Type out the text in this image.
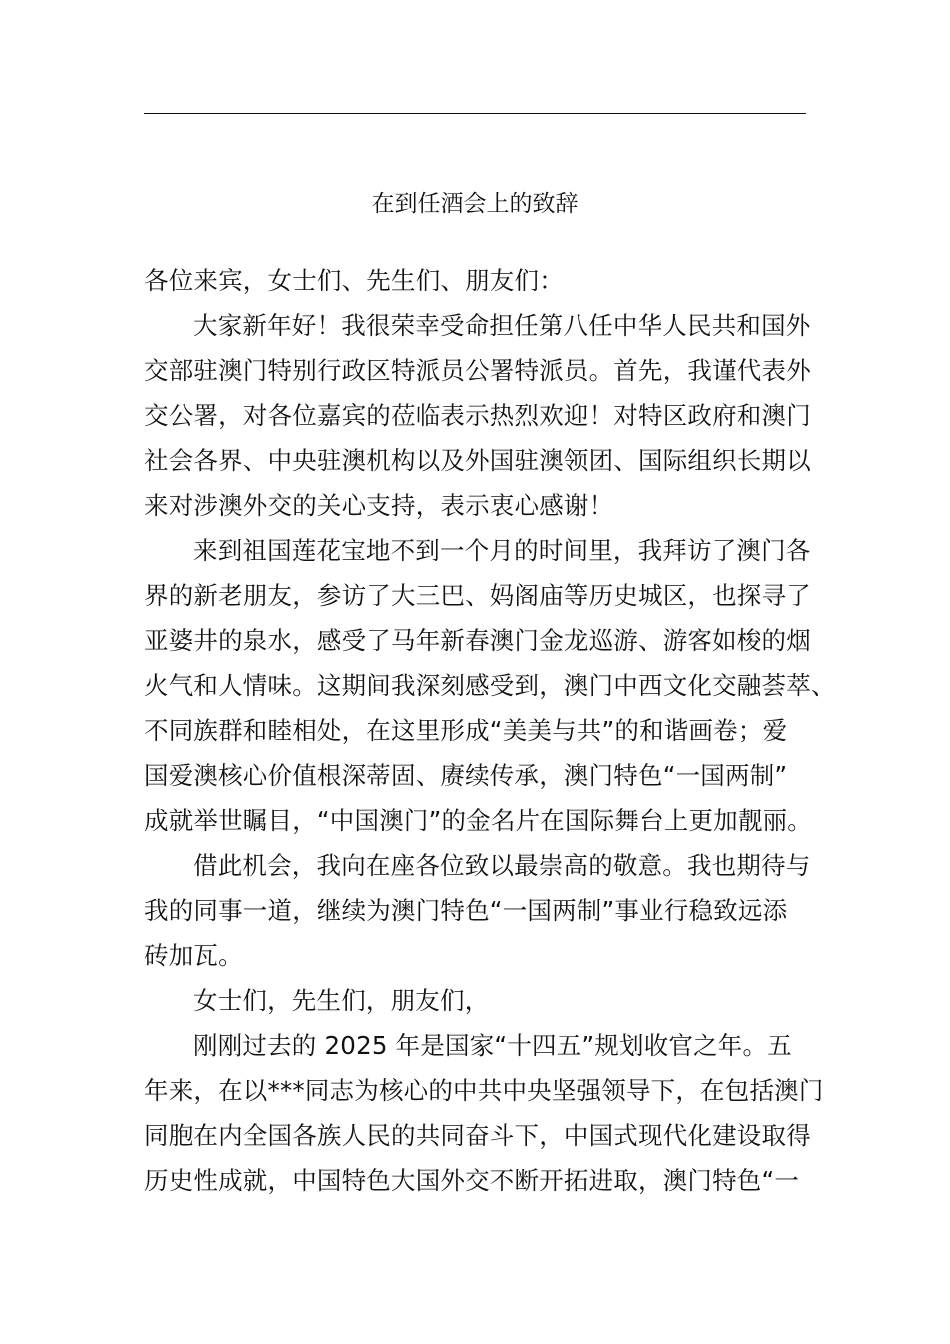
在到任酒会上的致辞
各位来宾，女士们、先生们、朋友们：
大家新年好！我很荣幸受命担任第八任中华人民共和国外
交部驻澳门特别行政区特派员公署特派员。首先，我谨代表外
交公署，对各位嘉宾的莅临表示热烈欢迎！对特区政府和澳门
社会各界、中央驻澳机构以及外国驻澳领团、国际组织长期以
来对涉澳外交的关心支持，表示衷心感谢！
来到祖国莲花宝地不到一个月的时间里，我拜访了澳门各
界的新老朋友，参访了大三巴、妈阁庙等历史城区，也探寻了
亚婆井的泉水，感受了马年新春澳门金龙巡游、游客如梭的烟
火气和人情味。这期间我深刻感受到，澳门中西文化交融荟萃、
不同族群和睦相处，在这里形成“美美与共”的和谐画卷；爱
国爱澳核心价值根深蒂固、赓续传承，澳门特色“一国两制”
成就举世瞩目，“中国澳门”的金名片在国际舞台上更加靓丽。
借此机会，我向在座各位致以最崇高的敬意。我也期待与
我的同事一道，继续为澳门特色“一国两制”事业行稳致远添
砖加瓦。
女士们，先生们，朋友们，
刚刚过去的 2025 年是国家“十四五”规划收官之年。五
年来，在以***同志为核心的中共中央坚强领导下，在包括澳门
同胞在内全国各族人民的共同奋斗下，中国式现代化建设取得
历史性成就，中国特色大国外交不断开拓进取，澳门特色“一
